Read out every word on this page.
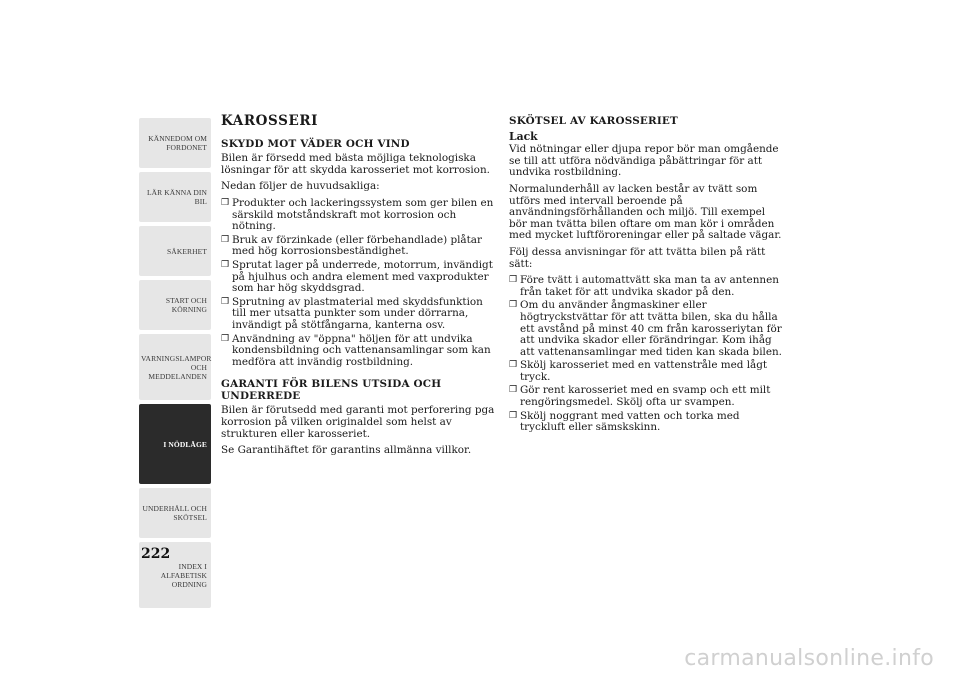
KÄNNEDOM OM FORDONET
LÄR KÄNNA DIN BIL
SÄKERHET
START OCH KÖRNING
VARNINGSLAMPOR OCH MEDDELANDEN
I NÖDLÄGE
UNDERHÅLL OCH SKÖTSEL
INDEX I ALFABETISK ORDNING
222
KAROSSERI
SKYDD MOT VÄDER OCH VIND

Bilen är försedd med bästa möjliga teknologiska lösningar för att skydda karosseriet mot korrosion.

Nedan följer de huvudsakliga:

❒ Produkter och lackeringssystem som ger bilen en särskild motståndskraft mot korrosion och nötning.
❒ Bruk av förzinkade (eller förbehandlade) plåtar med hög korrosionsbeständighet.
❒ Sprutat lager på underrede, motorrum, invändigt på hjulhus och andra element med vaxprodukter som har hög skyddsgrad.
❒ Sprutning av plastmaterial med skyddsfunktion till mer utsatta punkter som under dörrarna, invändigt på stötfångarna, kanterna osv.
❒ Användning av "öppna" höljen för att undvika kondensbildning och vattenansamlingar som kan medföra att invändig rostbildning.
GARANTI FÖR BILENS UTSIDA OCH UNDERREDE

Bilen är förutsedd med garanti mot perforering pga korrosion på vilken originaldel som helst av strukturen eller karosseriet.

Se Garantihäftet för garantins allmänna villkor.

SKÖTSEL AV KAROSSERIET
Lack

Vid nötningar eller djupa repor bör man omgående se till att utföra nödvändiga påbättringar för att undvika rostbildning.

Normalunderhåll av lacken består av tvätt som utförs med intervall beroende på användningsförhållanden och miljö. Till exempel bör man tvätta bilen oftare om man kör i områden med mycket luftföroreningar eller på saltade vägar.

Följ dessa anvisningar för att tvätta bilen på rätt sätt:

❒ Före tvätt i automattvätt ska man ta av antennen från taket för att undvika skador på den.
❒ Om du använder ångmaskiner eller högtryckstvättar för att tvätta bilen, ska du hålla ett avstånd på minst 40 cm från karosseriytan för att undvika skador eller förändringar. Kom ihåg att vattenansamlingar med tiden kan skada bilen.
❒ Skölj karosseriet med en vattenstråle med lågt tryck.
❒ Gör rent karosseriet med en svamp och ett milt rengöringsmedel. Skölj ofta ur svampen.
❒ Skölj noggrant med vatten och torka med tryckluft eller sämskskinn.
carmanualsonline.info
